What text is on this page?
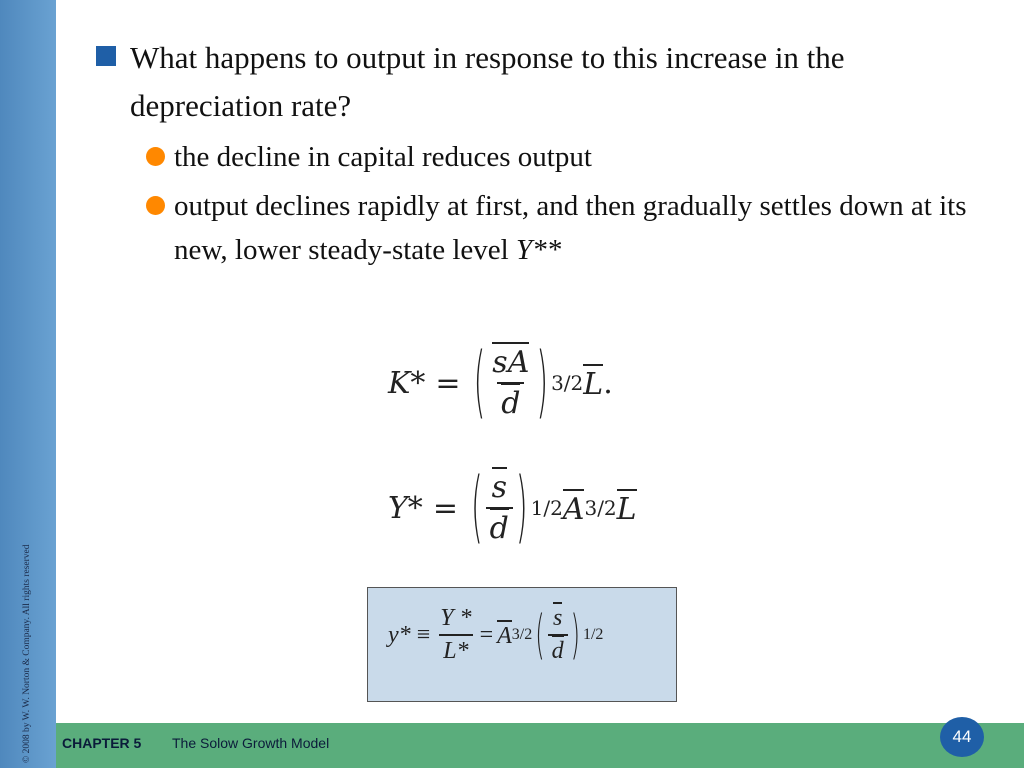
© 2008 by W. W. Norton & Company. All rights reserved
What happens to output in response to this increase in the depreciation rate?
the decline in capital reduces output
output declines rapidly at first, and then gradually settles down at its new, lower steady-state level Y**
K* = ( $\frac{sA}{d}$ ) 3/2 L .
Y* = ( $\frac{s}{d}$ ) 1/2 A 3/2 L
$y* \equiv \frac{Y *}{L*} = A$ 3/2 ( $\frac{s}{d}$ ) 1/2
CHAPTER 5 The Solow Growth Model	44
